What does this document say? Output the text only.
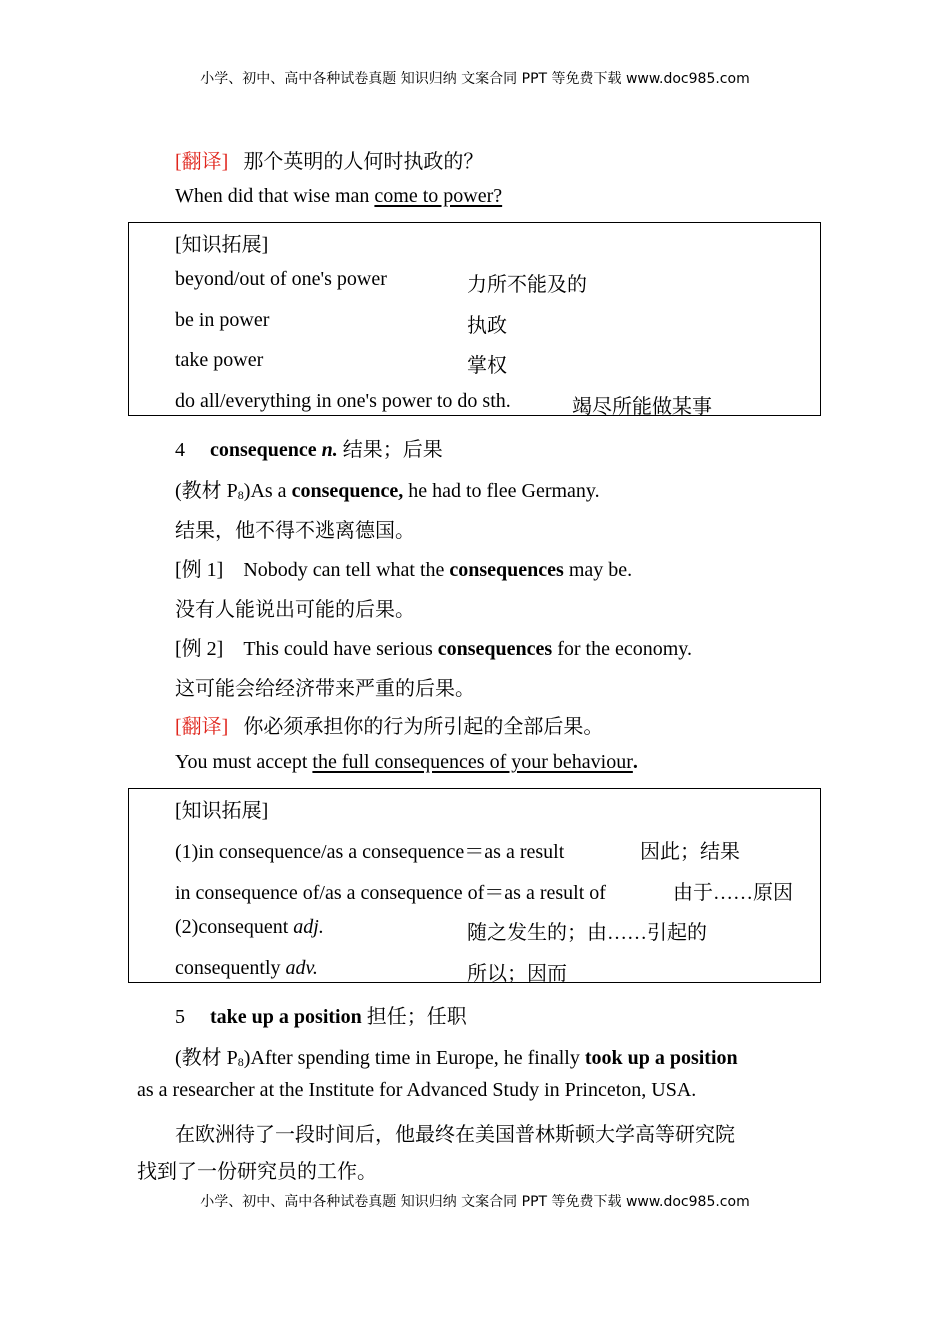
小学、初中、高中各种试卷真题 知识归纳 文案合同 PPT 等免费下载 www.doc985.com
[翻译] 那个英明的人何时执政的？
When did that wise man come to power?
[知识拓展]
beyond/out of one's power	力所不能及的
be in power	执政
take power	掌权
do all/everything in one's power to do sth.	竭尽所能做某事
4 consequence n. 结果；后果
(教材 $P_8)As$ a consequence, he had to flee Germany.
结果，他不得不逃离德国。
[例 1] Nobody can tell what the consequences may be.
没有人能说出可能的后果。
[例 2] This could have serious consequences for the economy.
这可能会给经济带来严重的后果。
[翻译] 你必须承担你的行为所引起的全部后果。
You must accept the full consequences of your behaviour.
[知识拓展]
(1)in consequence/as a consequence＝as a result	因此；结果
in consequence of/as a consequence of＝as a result of	由于……原因
(2)consequent adj.	随之发生的；由……引起的
consequently adv.	所以；因而
5 take up a position 担任；任职
(教材 $P_8)After$ spending time in Europe, he finally took up a position
as a researcher at the Institute for Advanced Study in Princeton, USA.
在欧洲待了一段时间后，他最终在美国普林斯顿大学高等研究院
找到了一份研究员的工作。
小学、初中、高中各种试卷真题 知识归纳 文案合同 PPT 等免费下载 www.doc985.com
